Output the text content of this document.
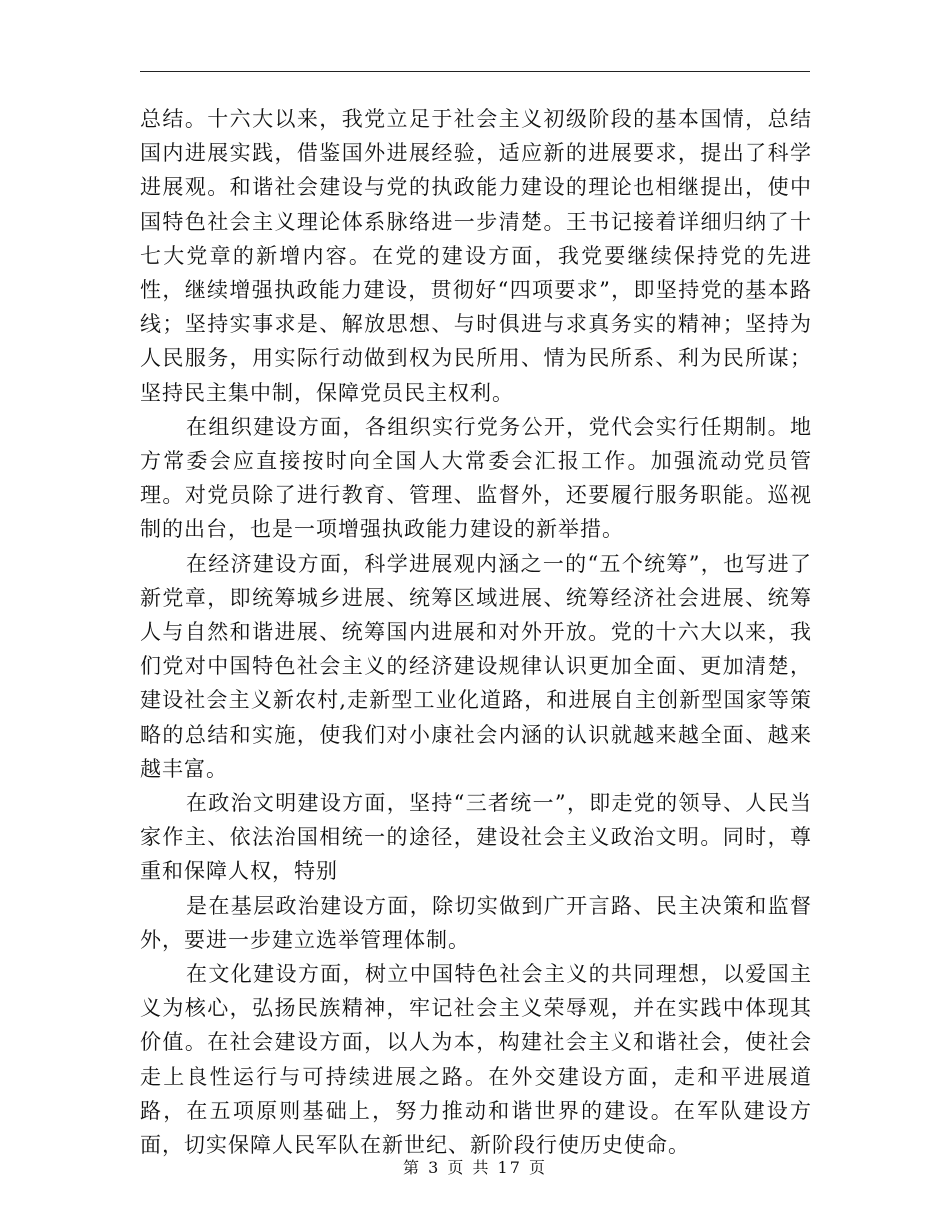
总结。十六大以来，我党立足于社会主义初级阶段的基本国情，总结国内进展实践，借鉴国外进展经验，适应新的进展要求，提出了科学进展观。和谐社会建设与党的执政能力建设的理论也相继提出，使中国特色社会主义理论体系脉络进一步清楚。王书记接着详细归纳了十七大党章的新增内容。在党的建设方面，我党要继续保持党的先进性，继续增强执政能力建设，贯彻好“四项要求”，即坚持党的基本路线；坚持实事求是、解放思想、与时俱进与求真务实的精神；坚持为人民服务，用实际行动做到权为民所用、情为民所系、利为民所谋；坚持民主集中制，保障党员民主权利。

在组织建设方面，各组织实行党务公开，党代会实行任期制。地方常委会应直接按时向全国人大常委会汇报工作。加强流动党员管理。对党员除了进行教育、管理、监督外，还要履行服务职能。巡视制的出台，也是一项增强执政能力建设的新举措。

在经济建设方面，科学进展观内涵之一的“五个统筹”，也写进了新党章，即统筹城乡进展、统筹区域进展、统筹经济社会进展、统筹人与自然和谐进展、统筹国内进展和对外开放。党的十六大以来，我们党对中国特色社会主义的经济建设规律认识更加全面、更加清楚，建设社会主义新农村,走新型工业化道路，和进展自主创新型国家等策略的总结和实施，使我们对小康社会内涵的认识就越来越全面、越来越丰富。

在政治文明建设方面，坚持“三者统一”，即走党的领导、人民当家作主、依法治国相统一的途径，建设社会主义政治文明。同时，尊重和保障人权，特别

是在基层政治建设方面，除切实做到广开言路、民主决策和监督外，要进一步建立选举管理体制。

在文化建设方面，树立中国特色社会主义的共同理想，以爱国主义为核心，弘扬民族精神，牢记社会主义荣辱观，并在实践中体现其价值。在社会建设方面，以人为本，构建社会主义和谐社会，使社会走上良性运行与可持续进展之路。在外交建设方面，走和平进展道路，在五项原则基础上，努力推动和谐世界的建设。在军队建设方面，切实保障人民军队在新世纪、新阶段行使历史使命。

第 3 页 共 17 页
